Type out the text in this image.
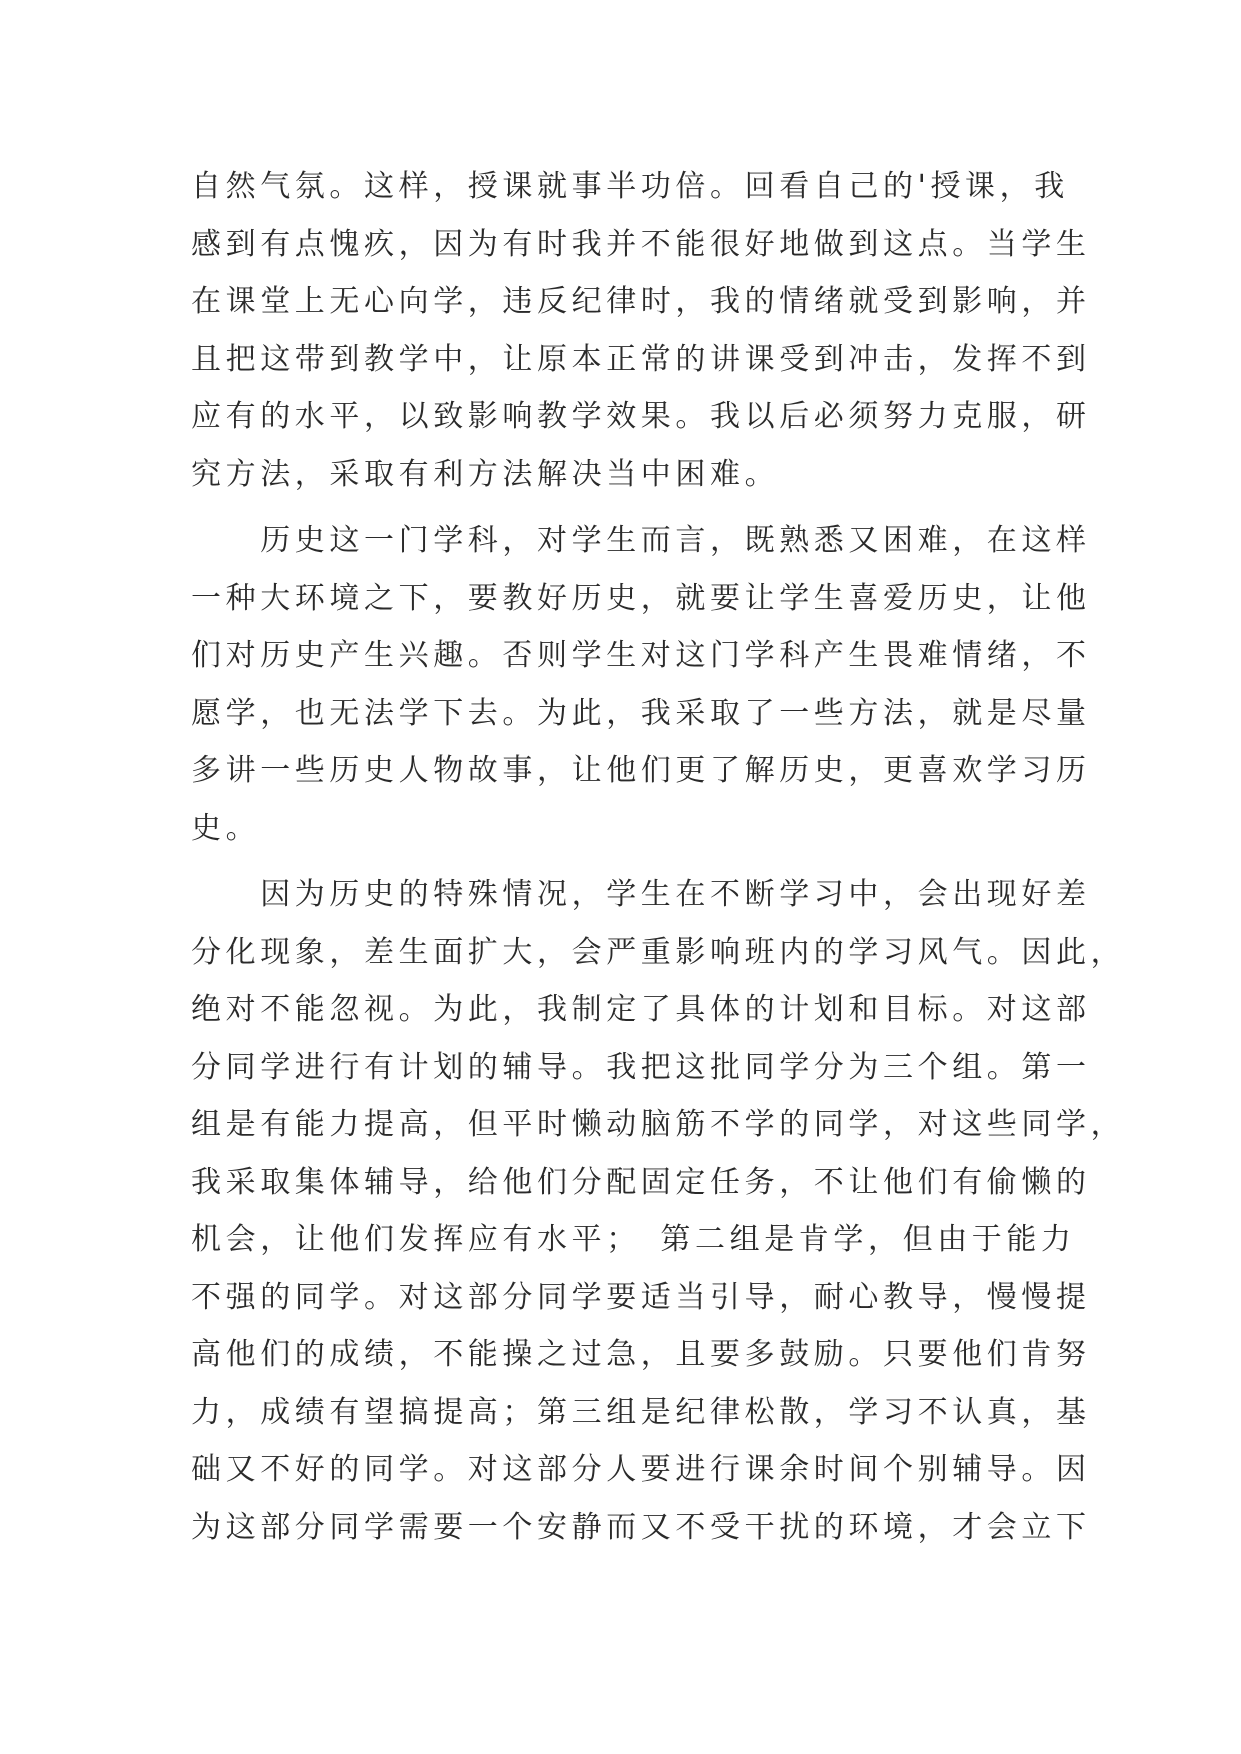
自然气氛。这样，授课就事半功倍。回看自己的'授课，我
感到有点愧疚，因为有时我并不能很好地做到这点。当学生
在课堂上无心向学，违反纪律时，我的情绪就受到影响，并
且把这带到教学中，让原本正常的讲课受到冲击，发挥不到
应有的水平，以致影响教学效果。我以后必须努力克服，研
究方法，采取有利方法解决当中困难。
　　历史这一门学科，对学生而言，既熟悉又困难，在这样
一种大环境之下，要教好历史，就要让学生喜爱历史，让他
们对历史产生兴趣。否则学生对这门学科产生畏难情绪，不
愿学，也无法学下去。为此，我采取了一些方法，就是尽量
多讲一些历史人物故事，让他们更了解历史，更喜欢学习历
史。
　　因为历史的特殊情况，学生在不断学习中，会出现好差
分化现象，差生面扩大，会严重影响班内的学习风气。因此，
绝对不能忽视。为此，我制定了具体的计划和目标。对这部
分同学进行有计划的辅导。我把这批同学分为三个组。第一
组是有能力提高，但平时懒动脑筋不学的同学，对这些同学，
我采取集体辅导，给他们分配固定任务，不让他们有偷懒的
机会，让他们发挥应有水平；　第二组是肯学，但由于能力
不强的同学。对这部分同学要适当引导，耐心教导，慢慢提
高他们的成绩，不能操之过急，且要多鼓励。只要他们肯努
力，成绩有望搞提高；第三组是纪律松散，学习不认真，基
础又不好的同学。对这部分人要进行课余时间个别辅导。因
为这部分同学需要一个安静而又不受干扰的环境，才会立下
